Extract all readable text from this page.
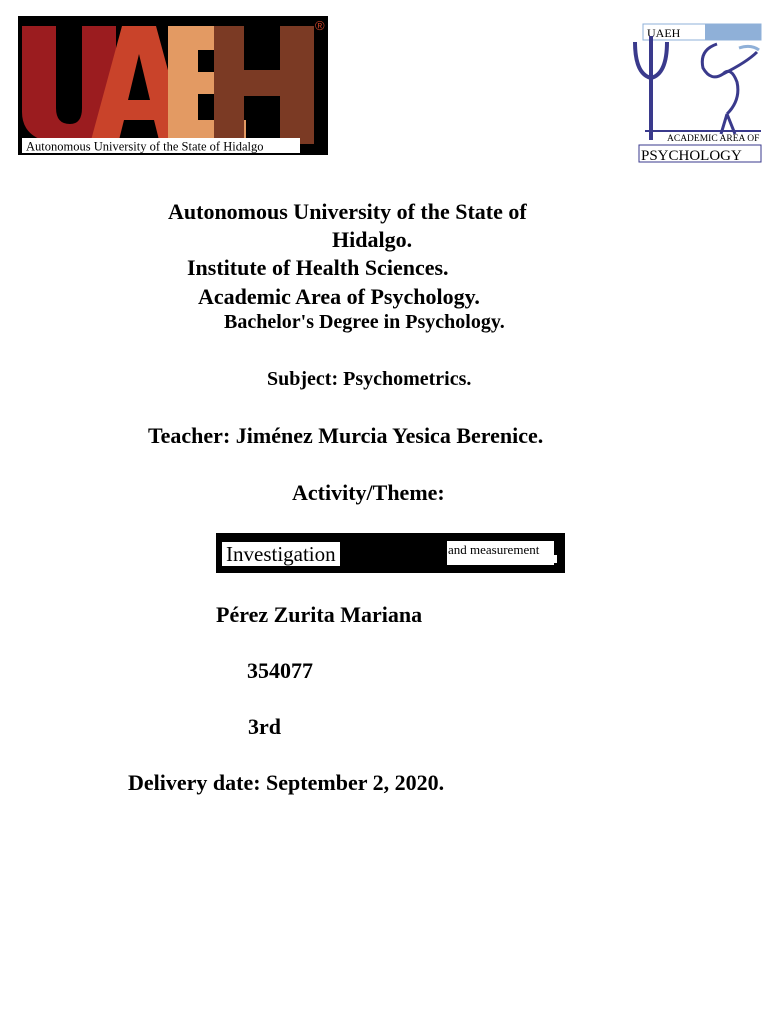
®
Autonomous University of the State of Hidalgo
UAEH
ACADEMIC AREA OF
PSYCHOLOGY
Autonomous University of the State of
Hidalgo.
Institute of Health Sciences.
Academic Area of Psychology.
Bachelor's Degree in Psychology.
Subject: Psychometrics.
Teacher: Jiménez Murcia Yesica Berenice.
Activity/Theme:
Investigation	and measurement
Pérez Zurita Mariana
354077
3rd
Delivery date: September 2, 2020.
